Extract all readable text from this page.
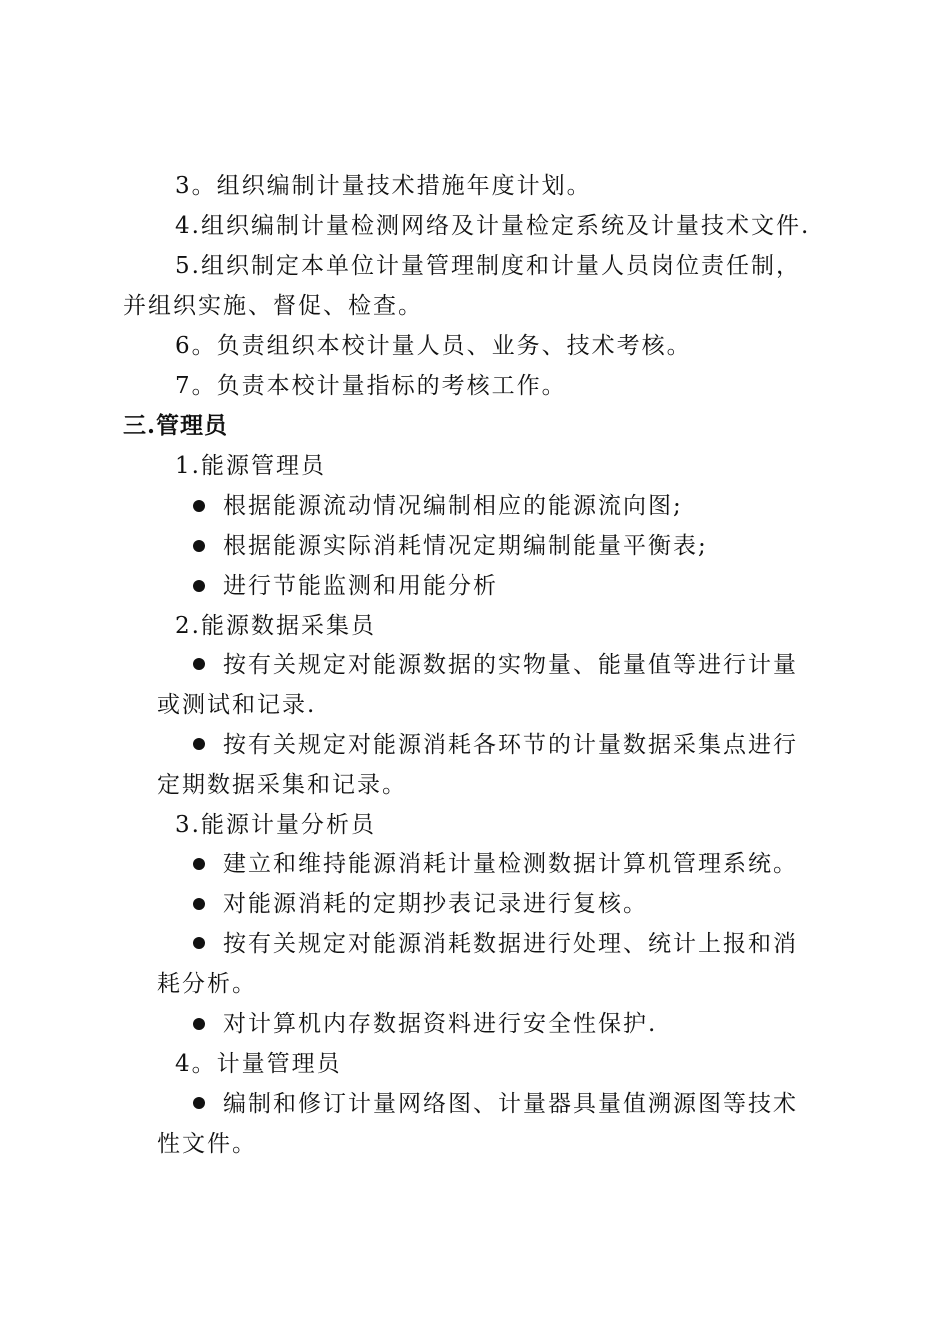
3。组织编制计量技术措施年度计划。
4.组织编制计量检测网络及计量检定系统及计量技术文件.
5.组织制定本单位计量管理制度和计量人员岗位责任制，
并组织实施、督促、检查。
6。负责组织本校计量人员、业务、技术考核。
7。负责本校计量指标的考核工作。
三.管理员
1.能源管理员
根据能源流动情况编制相应的能源流向图;
根据能源实际消耗情况定期编制能量平衡表;
进行节能监测和用能分析
2.能源数据采集员
按有关规定对能源数据的实物量、能量值等进行计量
或测试和记录.
按有关规定对能源消耗各环节的计量数据采集点进行
定期数据采集和记录。
3.能源计量分析员
建立和维持能源消耗计量检测数据计算机管理系统。
对能源消耗的定期抄表记录进行复核。
按有关规定对能源消耗数据进行处理、统计上报和消
耗分析。
对计算机内存数据资料进行安全性保护.
4。计量管理员
编制和修订计量网络图、计量器具量值溯源图等技术
性文件。
